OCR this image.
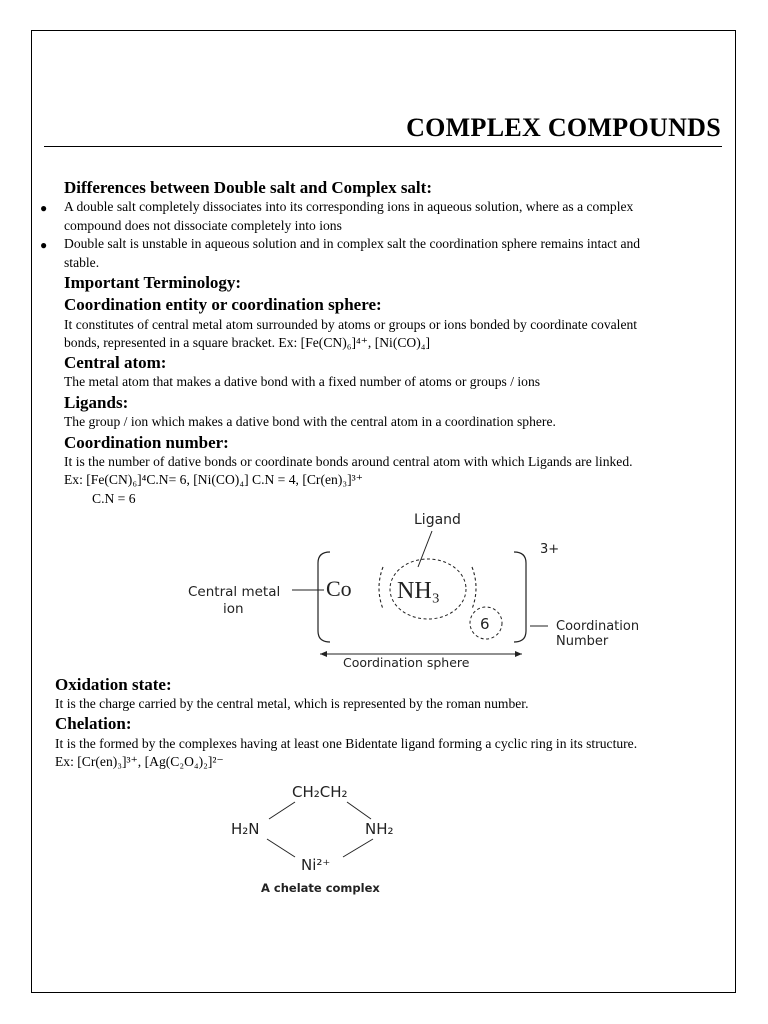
COMPLEX COMPOUNDS
Differences between Double salt and Complex salt:
● A double salt completely dissociates into its corresponding ions in aqueous solution, where as a complex
compound does not dissociate completely into ions
● Double salt is unstable in aqueous solution and in complex salt the coordination sphere remains intact and
stable.
Important Terminology:
Coordination entity or coordination sphere:
It constitutes of central metal atom surrounded by atoms or groups or ions bonded by coordinate covalent
bonds, represented in a square bracket. Ex: [Fe(CN)₆]⁴⁺, [Ni(CO)₄]
Central atom:
The metal atom that makes a dative bond with a fixed number of atoms or groups / ions
Ligands:
The group / ion which makes a dative bond with the central atom in a coordination sphere.
Coordination number:
It is the number of dative bonds or coordinate bonds around central atom with which Ligands are linked.
Ex: [Fe(CN)₆]⁴C.N= 6, [Ni(CO)₄] C.N = 4, [Cr(en)₃]³⁺
C.N = 6
Ligand
3+
Central metal
ion
Co NH₃
6	Coordination
Number
Coordination sphere
Oxidation state:
It is the charge carried by the central metal, which is represented by the roman number.
Chelation:
It is the formed by the complexes having at least one Bidentate ligand forming a cyclic ring in its structure.
Ex: [Cr(en)₃]³⁺, [Ag(C₂O₄)₂]²⁻
CH₂CH₂
H₂N	NH₂
Ni²⁺
A chelate complex
